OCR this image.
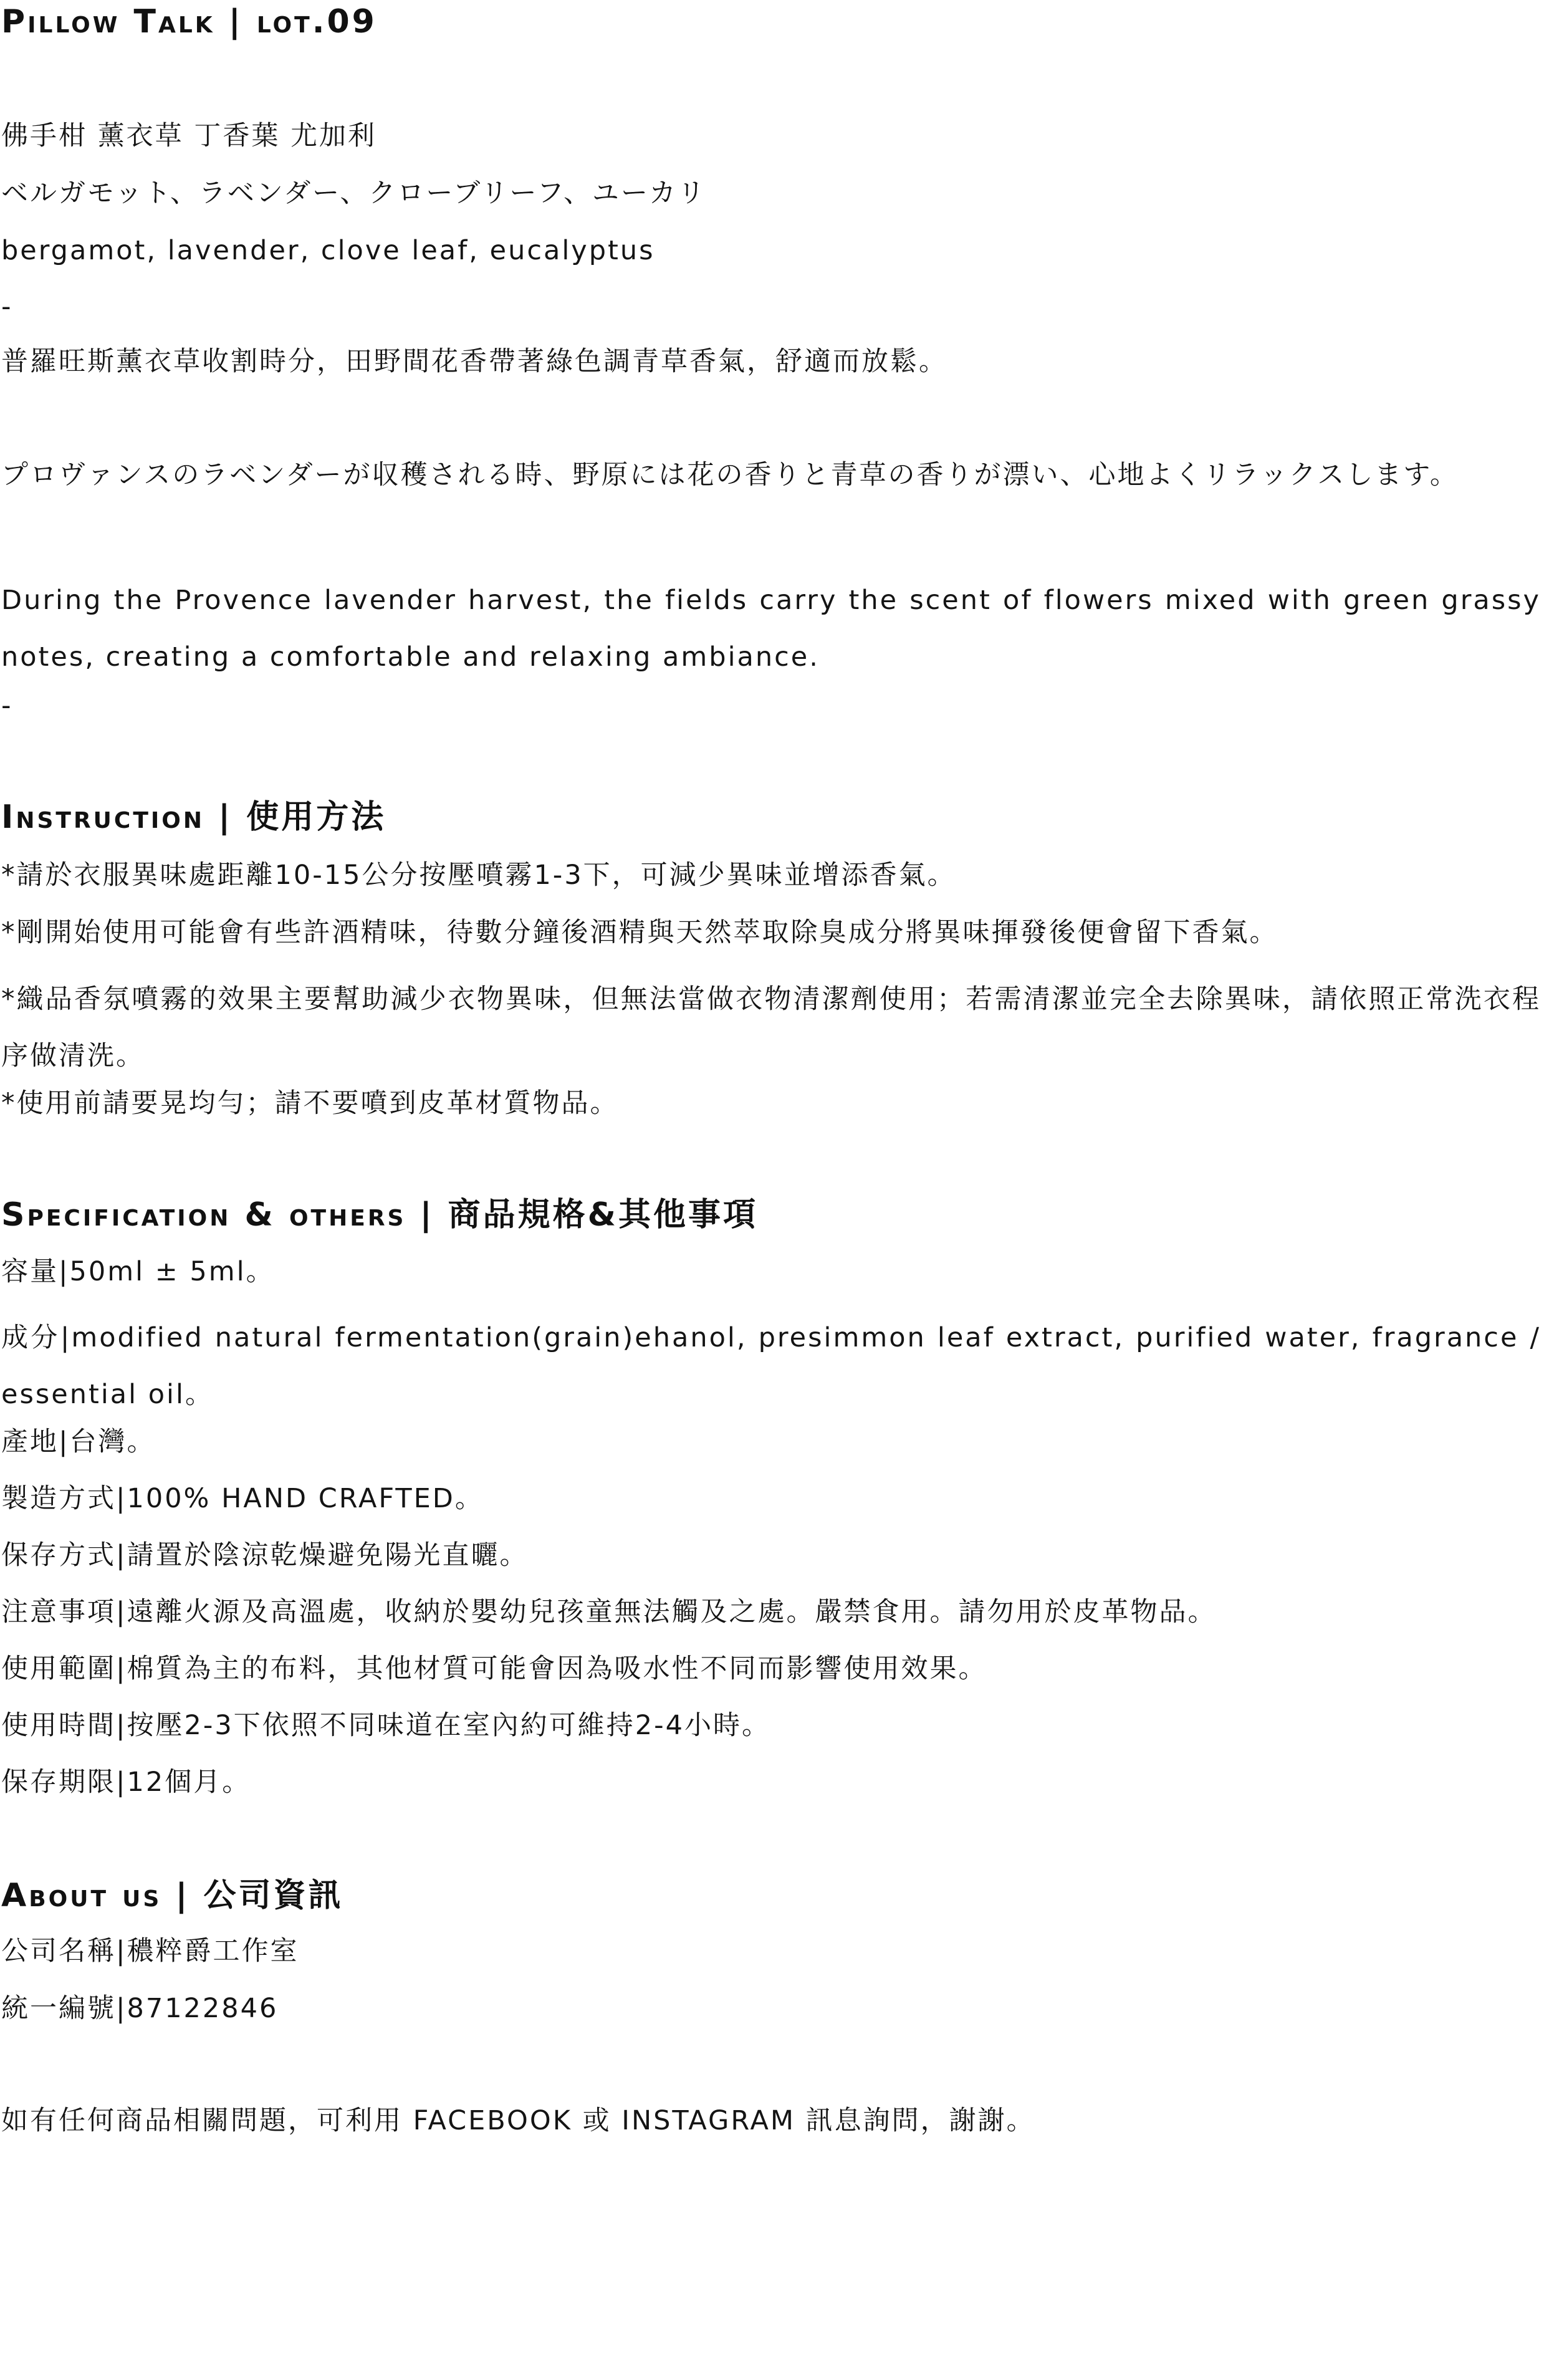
Pillow Talk | lot.09

佛手柑 薰衣草 丁香葉 尤加利

ベルガモット、ラベンダー、クローブリーフ、ユーカリ

bergamot, lavender, clove leaf, eucalyptus

-

普羅旺斯薰衣草收割時分，田野間花香帶著綠色調青草香氣，舒適而放鬆。

プロヴァンスのラベンダーが収穫される時、野原には花の香りと青草の香りが漂い、心地よくリラックスします。

During the Provence lavender harvest, the fields carry the scent of flowers mixed with green grassy notes, creating a comfortable and relaxing ambiance.

-

Instruction | 使用方法

*請於衣服異味處距離10-15公分按壓噴霧1-3下，可減少異味並增添香氣。

*剛開始使用可能會有些許酒精味，待數分鐘後酒精與天然萃取除臭成分將異味揮發後便會留下香氣。

*織品香氛噴霧的效果主要幫助減少衣物異味，但無法當做衣物清潔劑使用；若需清潔並完全去除異味，請依照正常洗衣程序做清洗。

*使用前請要晃均勻；請不要噴到皮革材質物品。

Specification & others | 商品規格&其他事項

容量|50ml ± 5ml。

成分|modified natural fermentation(grain)ehanol, presimmon leaf extract, purified water, fragrance / essential oil。

產地|台灣。

製造方式|100% HAND CRAFTED。

保存方式|請置於陰涼乾燥避免陽光直曬。

注意事項|遠離火源及高溫處，收納於嬰幼兒孩童無法觸及之處。嚴禁食用。請勿用於皮革物品。

使用範圍|棉質為主的布料，其他材質可能會因為吸水性不同而影響使用效果。

使用時間|按壓2-3下依照不同味道在室內約可維持2-4小時。

保存期限|12個月。

About us | 公司資訊

公司名稱|穠粹爵工作室

統一編號|87122846

如有任何商品相關問題，可利用 FACEBOOK 或 INSTAGRAM 訊息詢問，謝謝。
